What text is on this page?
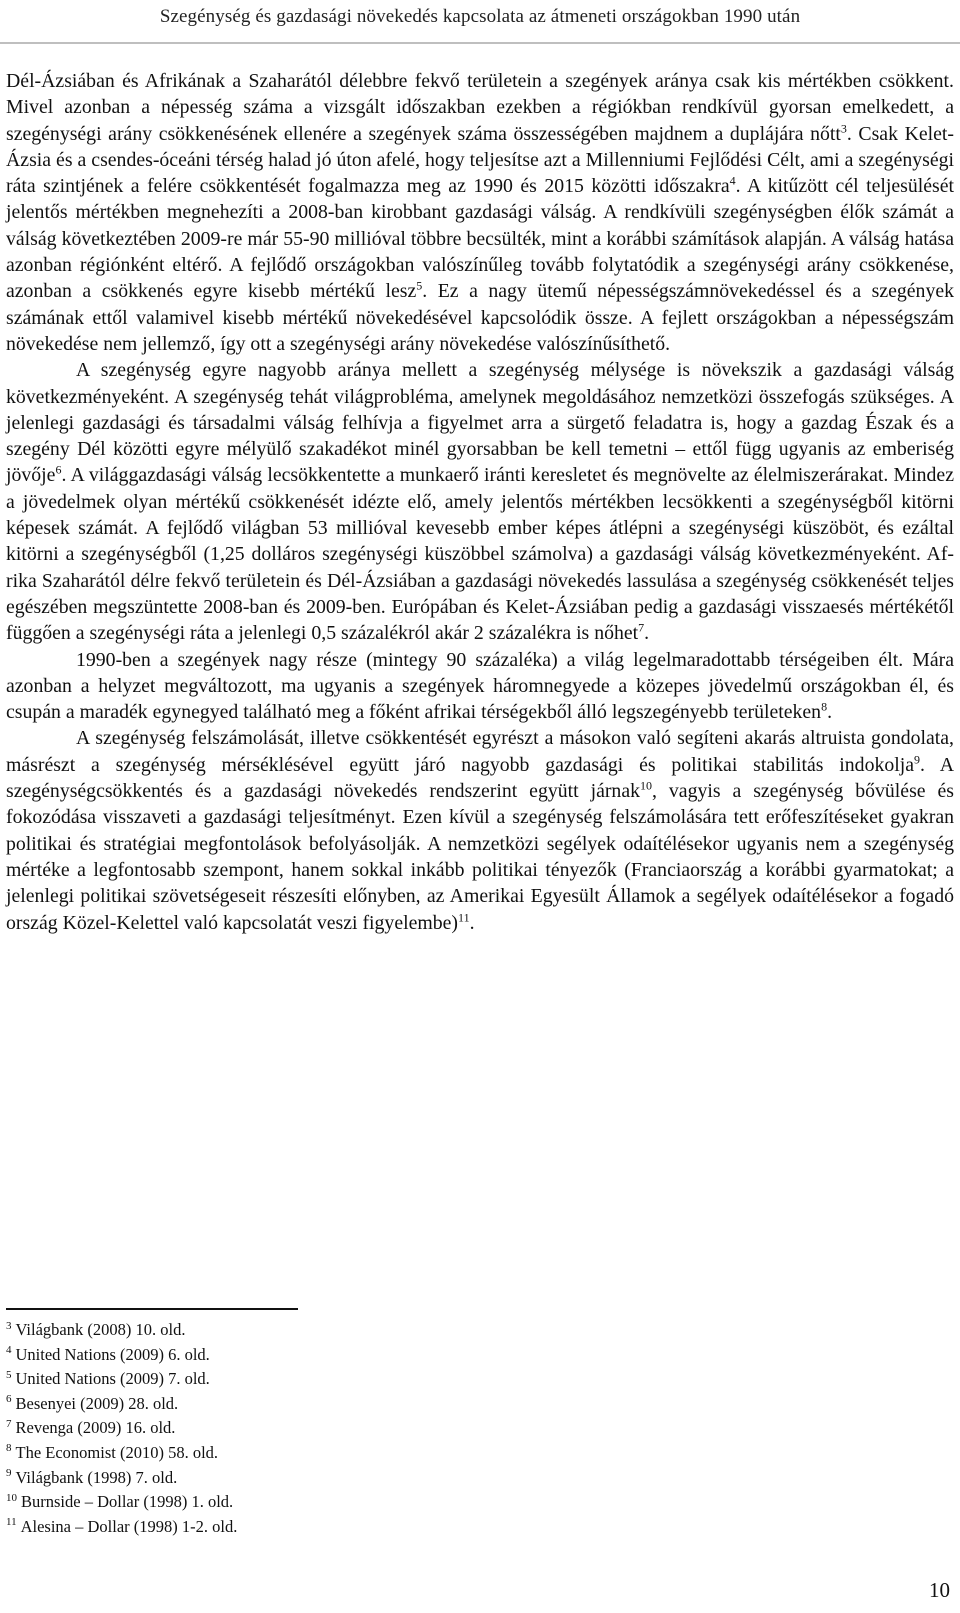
Szegénység és gazdasági növekedés kapcsolata az átmeneti országokban 1990 után

Dél-Ázsiában és Afrikának a Szaharától délebbre fekvő területein a szegények aránya csak kis mértékben csökkent. Mivel azonban a népesség száma a vizsgált időszakban ezekben a régiókban rendkívül gyorsan emelkedett, a szegénységi arány csökkenésének ellenére a szegények száma összességében majdnem a duplájára nőtt$^3$. Csak Kelet-Ázsia és a csendes-óceáni térség halad jó úton afelé, hogy teljesítse azt a Millenniumi Fejlődési Célt, ami a szegénységi ráta szintjének a felére csökkentését fogalmazza meg az 1990 és 2015 közötti időszakra$^4$. A kitűzött cél teljesülését jelentős mértékben megnehezíti a 2008-ban kirobbant gazdasági válság. A rendkívüli szegénységben élők számát a válság következtében 2009-re már 55-90 millióval többre becsülték, mint a korábbi számítások alapján. A válság hatása azonban régiónként eltérő. A fejlődő országokban valószínűleg tovább folytatódik a szegénységi arány csökkenése, azonban a csökkenés egyre kisebb mértékű lesz$^5$. Ez a nagy ütemű népességszámnövekedéssel és a szegények számának ettől valamivel kisebb mértékű növekedésével kapcsolódik össze. A fejlett országokban a népességszám növekedése nem jellemző, így ott a szegénységi arány növekedése valószínűsíthető.

A szegénység egyre nagyobb aránya mellett a szegénység mélysége is növekszik a gazdasági válság következményeként. A szegénység tehát világprobléma, amelynek megoldásához nemzetközi összefogás szükséges. A jelenlegi gazdasági és társadalmi válság felhívja a figyelmet arra a sürgető feladatra is, hogy a gazdag Észak és a szegény Dél közötti egyre mélyülő szakadékot minél gyorsabban be kell temetni – ettől függ ugyanis az emberiség jövője$^6$. A világgazdasági válság lecsökkentette a munkaerő iránti keresletet és megnövelte az élelmiszerárakat. Mindez a jövedelmek olyan mértékű csökkenését idézte elő, amely jelentős mértékben lecsökkenti a szegénységből kitörni képesek számát. A fejlődő világban 53 millióval kevesebb ember képes átlépni a szegénységi küszöböt, és ezáltal kitörni a szegénységből (1,25 dolláros szegénységi küszöbbel számolva) a gazdasági válság következményeként. Afrika Szaharától délre fekvő területein és Dél-Ázsiában a gazdasági növekedés lassulása a szegénység csökkenését teljes egészében megszüntette 2008-ban és 2009-ben. Európában és Kelet-Ázsiában pedig a gazdasági visszaesés mértékétől függően a szegénységi ráta a jelenlegi 0,5 százalékról akár 2 százalékra is nőhet$^7$.

1990-ben a szegények nagy része (mintegy 90 százaléka) a világ legelmaradottabb térségeiben élt. Mára azonban a helyzet megváltozott, ma ugyanis a szegények háromnegyede a közepes jövedelmű országokban él, és csupán a maradék egynegyed található meg a főként afrikai térségekből álló legszegényebb területeken$^8$.

A szegénység felszámolását, illetve csökkentését egyrészt a másokon való segíteni akarás altruista gondolata, másrészt a szegénység mérséklésével együtt járó nagyobb gazdasági és politikai stabilitás indokolja$^9$. A szegénységcsökkentés és a gazdasági növekedés rendszerint együtt járnak$^{10}$, vagyis a szegénység bővülése és fokozódása visszaveti a gazdasági teljesítményt. Ezen kívül a szegénység felszámolására tett erőfeszítéseket gyakran politikai és stratégiai megfontolások befolyásolják. A nemzetközi segélyek odaítélésekor ugyanis nem a szegénység mértéke a legfontosabb szempont, hanem sokkal inkább politikai tényezők (Franciaország a korábbi gyarmatokat; a jelenlegi politikai szövetségeseit részesíti előnyben, az Amerikai Egyesült Államok a segélyek odaítélésekor a fogadó ország Közel-Kelettel való kapcsolatát veszi figyelembe)$^{11}$.

$^3$ Világbank (2008) 10. old.
$^4$ United Nations (2009) 6. old.
$^5$ United Nations (2009) 7. old.
$^6$ Besenyei (2009) 28. old.
$^7$ Revenga (2009) 16. old.
$^8$ The Economist (2010) 58. old.
$^9$ Világbank (1998) 7. old.
$^{10}$ Burnside – Dollar (1998) 1. old.
$^{11}$ Alesina – Dollar (1998) 1-2. old.
10
